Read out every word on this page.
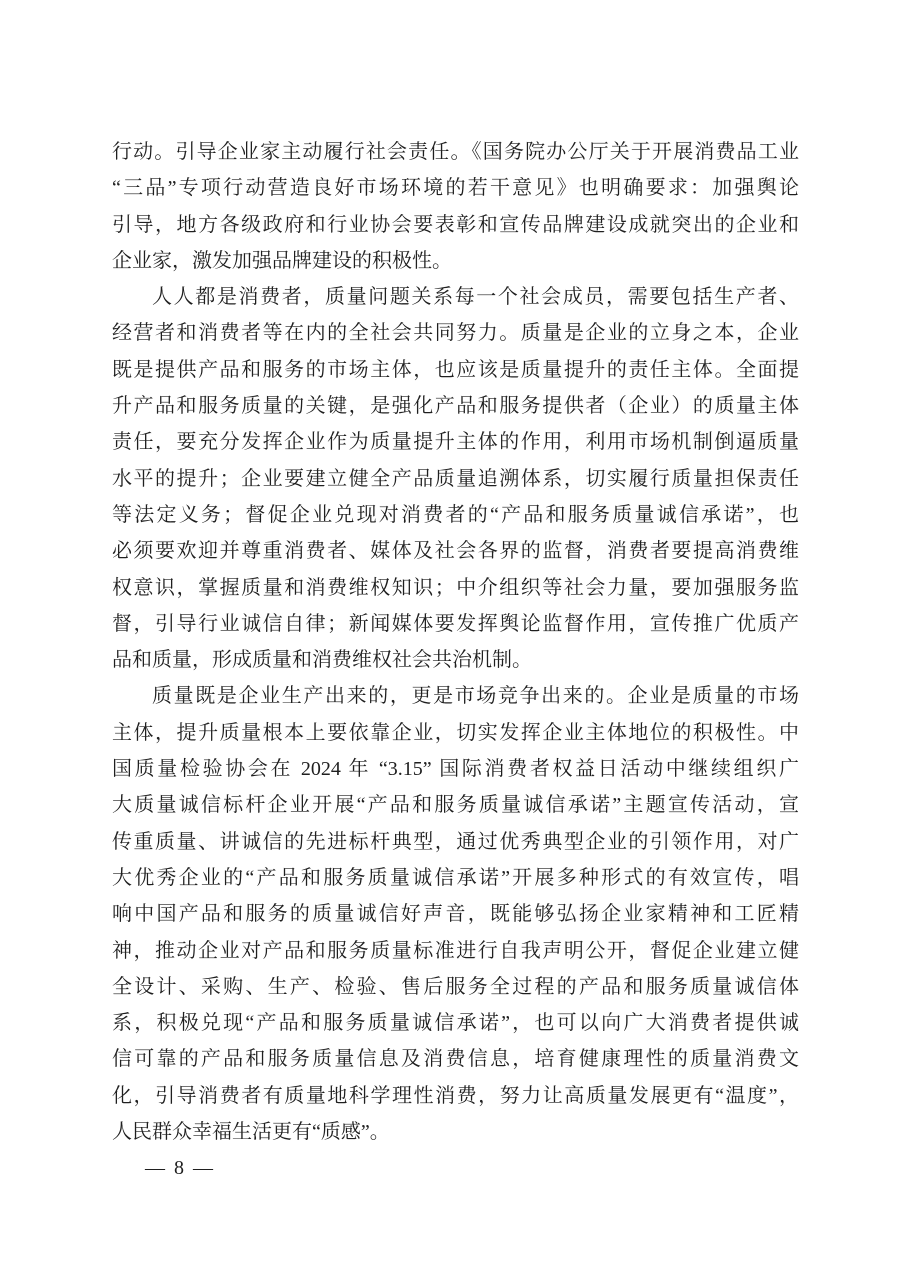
行动。引导企业家主动履行社会责任。《国务院办公厅关于开展消费品工业
“三品”专项行动营造良好市场环境的若干意见》也明确要求：加强舆论
引导，地方各级政府和行业协会要表彰和宣传品牌建设成就突出的企业和
企业家，激发加强品牌建设的积极性。
人人都是消费者，质量问题关系每一个社会成员，需要包括生产者、
经营者和消费者等在内的全社会共同努力。质量是企业的立身之本，企业
既是提供产品和服务的市场主体，也应该是质量提升的责任主体。全面提
升产品和服务质量的关键，是强化产品和服务提供者（企业）的质量主体
责任，要充分发挥企业作为质量提升主体的作用，利用市场机制倒逼质量
水平的提升；企业要建立健全产品质量追溯体系，切实履行质量担保责任
等法定义务；督促企业兑现对消费者的“产品和服务质量诚信承诺”，也
必须要欢迎并尊重消费者、媒体及社会各界的监督，消费者要提高消费维
权意识，掌握质量和消费维权知识；中介组织等社会力量，要加强服务监
督，引导行业诚信自律；新闻媒体要发挥舆论监督作用，宣传推广优质产
品和质量，形成质量和消费维权社会共治机制。
质量既是企业生产出来的，更是市场竞争出来的。企业是质量的市场
主体，提升质量根本上要依靠企业，切实发挥企业主体地位的积极性。中
国质量检验协会在 2024 年 “3.15” 国际消费者权益日活动中继续组织广
大质量诚信标杆企业开展“产品和服务质量诚信承诺”主题宣传活动，宣
传重质量、讲诚信的先进标杆典型，通过优秀典型企业的引领作用，对广
大优秀企业的“产品和服务质量诚信承诺”开展多种形式的有效宣传，唱
响中国产品和服务的质量诚信好声音，既能够弘扬企业家精神和工匠精
神，推动企业对产品和服务质量标准进行自我声明公开，督促企业建立健
全设计、采购、生产、检验、售后服务全过程的产品和服务质量诚信体
系，积极兑现“产品和服务质量诚信承诺”，也可以向广大消费者提供诚
信可靠的产品和服务质量信息及消费信息，培育健康理性的质量消费文
化，引导消费者有质量地科学理性消费，努力让高质量发展更有“温度”，
人民群众幸福生活更有“质感”。
— 8 —
